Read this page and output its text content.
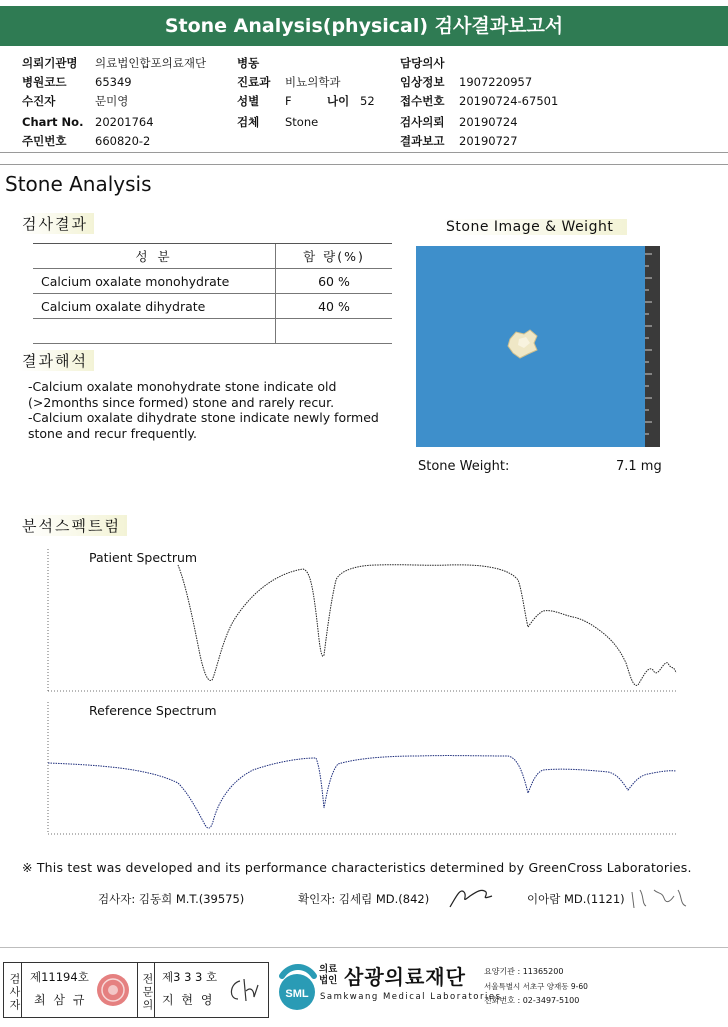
Stone Analysis(physical) 검사결과보고서
의뢰기관명 의료법인합포의료재단
병원코드 65349
수진자	문미영
Chart No. 20201764
주민번호 660820-2
병동
진료과 비뇨의학과
성별 F	나이 52
검체 Stone
담당의사
임상정보 1907220957
접수번호 20190724-67501
검사의뢰 20190724
결과보고 20190727
Stone Analysis
검사결과
성 분	함 량(%)
Calcium oxalate monohydrate	60 %
Calcium oxalate dihydrate	40 %

결과해석
-Calcium oxalate monohydrate stone indicate old (>2months since formed) stone and rarely recur.
-Calcium oxalate dihydrate stone indicate newly formed stone and recur frequently.
Stone Image & Weight
Stone Weight:	7.1 mg
분석스펙트럼
Patient Spectrum
Reference Spectrum
※ This test was developed and its performance characteristics determined by GreenCross Laboratories.
검사자: 김동희 M.T.(39575)	확인자: 김세림 MD.(842)	이아람 MD.(1121)
검사자 제11194호
최 삼 규	전문의 제3 3 3 호
지 현 영	SML
의료법인 삼광의료재단
Samkwang Medical Laboratories
요양기관 : 11365200
서울특별시 서초구 양재동 9-60
전화번호 : 02-3497-5100
